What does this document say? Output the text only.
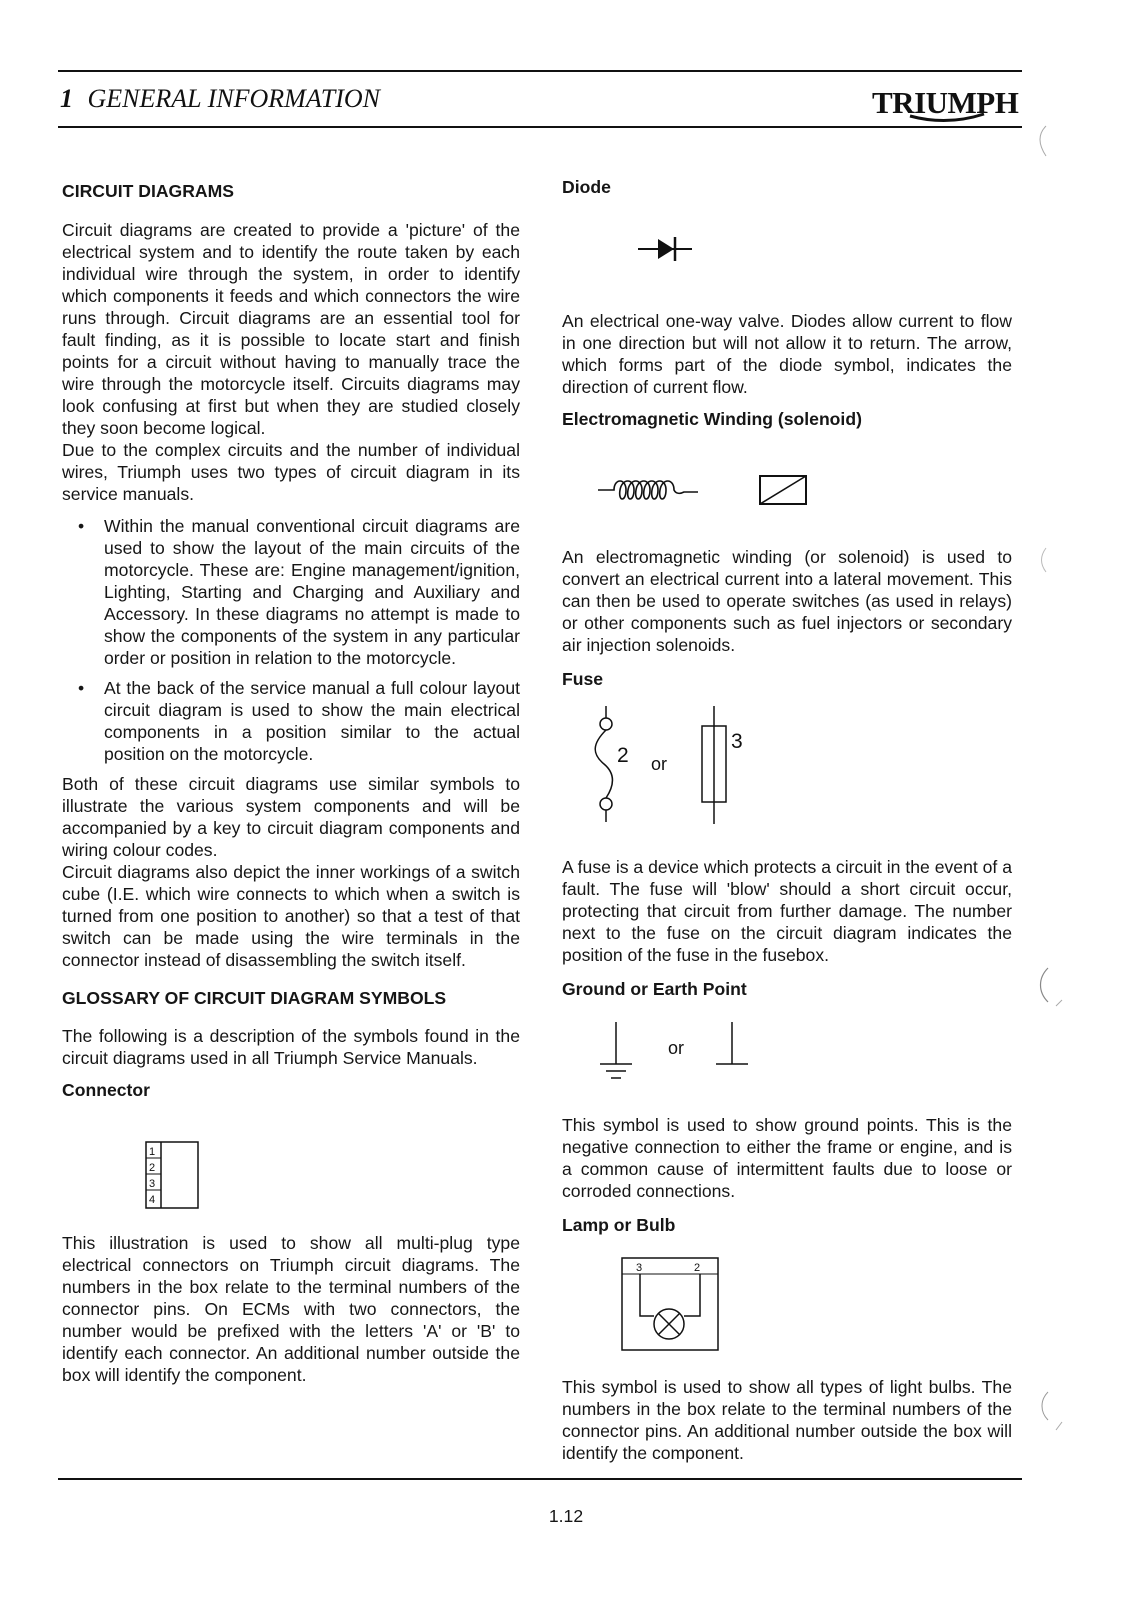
1 GENERAL INFORMATION	TRIUMPH
CIRCUIT DIAGRAMS

Circuit diagrams are created to provide a 'picture' of the electrical system and to identify the route taken by each individual wire through the system, in order to identify which components it feeds and which connectors the wire runs through. Circuit diagrams are an essential tool for fault finding, as it is possible to locate start and finish points for a circuit without having to manually trace the wire through the motorcycle itself. Circuits diagrams may look confusing at first but when they are studied closely they soon become logical.

Due to the complex circuits and the number of individual wires, Triumph uses two types of circuit diagram in its service manuals.

• Within the manual conventional circuit diagrams are used to show the layout of the main circuits of the motorcycle. These are: Engine management/ignition, Lighting, Starting and Charging and Auxiliary and Accessory. In these diagrams no attempt is made to show the components of the system in any particular order or position in relation to the motorcycle.
• At the back of the service manual a full colour layout circuit diagram is used to show the main electrical components in a position similar to the actual position on the motorcycle.

Both of these circuit diagrams use similar symbols to illustrate the various system components and will be accompanied by a key to circuit diagram components and wiring colour codes.

Circuit diagrams also depict the inner workings of a switch cube (I.E. which wire connects to which when a switch is turned from one position to another) so that a test of that switch can be made using the wire terminals in the connector instead of disassembling the switch itself.

GLOSSARY OF CIRCUIT DIAGRAM SYMBOLS

The following is a description of the symbols found in the circuit diagrams used in all Triumph Service Manuals.

Connector
1
2
3
4

This illustration is used to show all multi-plug type electrical connectors on Triumph circuit diagrams. The numbers in the box relate to the terminal numbers of the connector pins. On ECMs with two connectors, the number would be prefixed with the letters 'A' or 'B' to identify each connector. An additional number outside the box will identify the component.

Diode

An electrical one-way valve. Diodes allow current to flow in one direction but will not allow it to return. The arrow, which forms part of the diode symbol, indicates the direction of current flow.

Electromagnetic Winding (solenoid)

An electromagnetic winding (or solenoid) is used to convert an electrical current into a lateral movement. This can then be used to operate switches (as used in relays) or other components such as fuel injectors or secondary air injection solenoids.

Fuse
2 or
3

A fuse is a device which protects a circuit in the event of a fault. The fuse will 'blow' should a short circuit occur, protecting that circuit from further damage. The number next to the fuse on the circuit diagram indicates the position of the fuse in the fusebox.

Ground or Earth Point
or

This symbol is used to show ground points. This is the negative connection to either the frame or engine, and is a common cause of intermittent faults due to loose or corroded connections.

Lamp or Bulb
3	2

This symbol is used to show all types of light bulbs. The numbers in the box relate to the terminal numbers of the connector pins. An additional number outside the box will identify the component.

1.12
